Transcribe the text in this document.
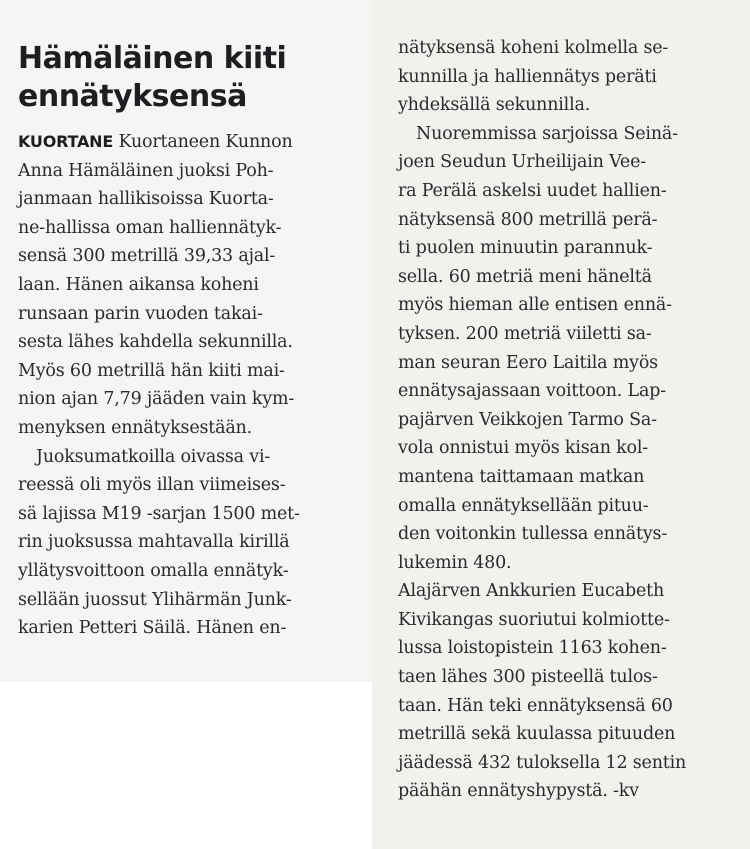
Hämäläinen kiiti
ennätyksensä

KUORTANE Kuortaneen Kunnon
Anna Hämäläinen juoksi Poh-
janmaan hallikisoissa Kuorta-
ne-hallissa oman halliennätyk-
sensä 300 metrillä 39,33 ajal-
laan. Hänen aikansa koheni
runsaan parin vuoden takai-
sesta lähes kahdella sekunnilla.
Myös 60 metrillä hän kiiti mai-
nion ajan 7,79 jääden vain kym-
menyksen ennätyksestään.

Juoksumatkoilla oivassa vi-
reessä oli myös illan viimeises-
sä lajissa M19 -sarjan 1500 met-
rin juoksussa mahtavalla kirillä
yllätysvoittoon omalla ennätyk-
sellään juossut Ylihärmän Junk-
karien Petteri Säilä. Hänen en-

nätyksensä koheni kolmella se-
kunnilla ja halliennätys peräti
yhdeksällä sekunnilla.

Nuoremmissa sarjoissa Seinä-
joen Seudun Urheilijain Vee-
ra Perälä askelsi uudet hallien-
nätyksensä 800 metrillä perä-
ti puolen minuutin parannuk-
sella. 60 metriä meni häneltä
myös hieman alle entisen ennä-
tyksen. 200 metriä viiletti sa-
man seuran Eero Laitila myös
ennätysajassaan voittoon. Lap-
pajärven Veikkojen Tarmo Sa-
vola onnistui myös kisan kol-
mantena taittamaan matkan
omalla ennätyksellään pituu-
den voitonkin tullessa ennätys-
lukemin 480.

Alajärven Ankkurien Eucabeth
Kivikangas suoriutui kolmiotte-
lussa loistopistein 1163 kohen-
taen lähes 300 pisteellä tulos-
taan. Hän teki ennätyksensä 60
metrillä sekä kuulassa pituuden
jäädessä 432 tuloksella 12 sentin
päähän ennätyshypystä. -kv
